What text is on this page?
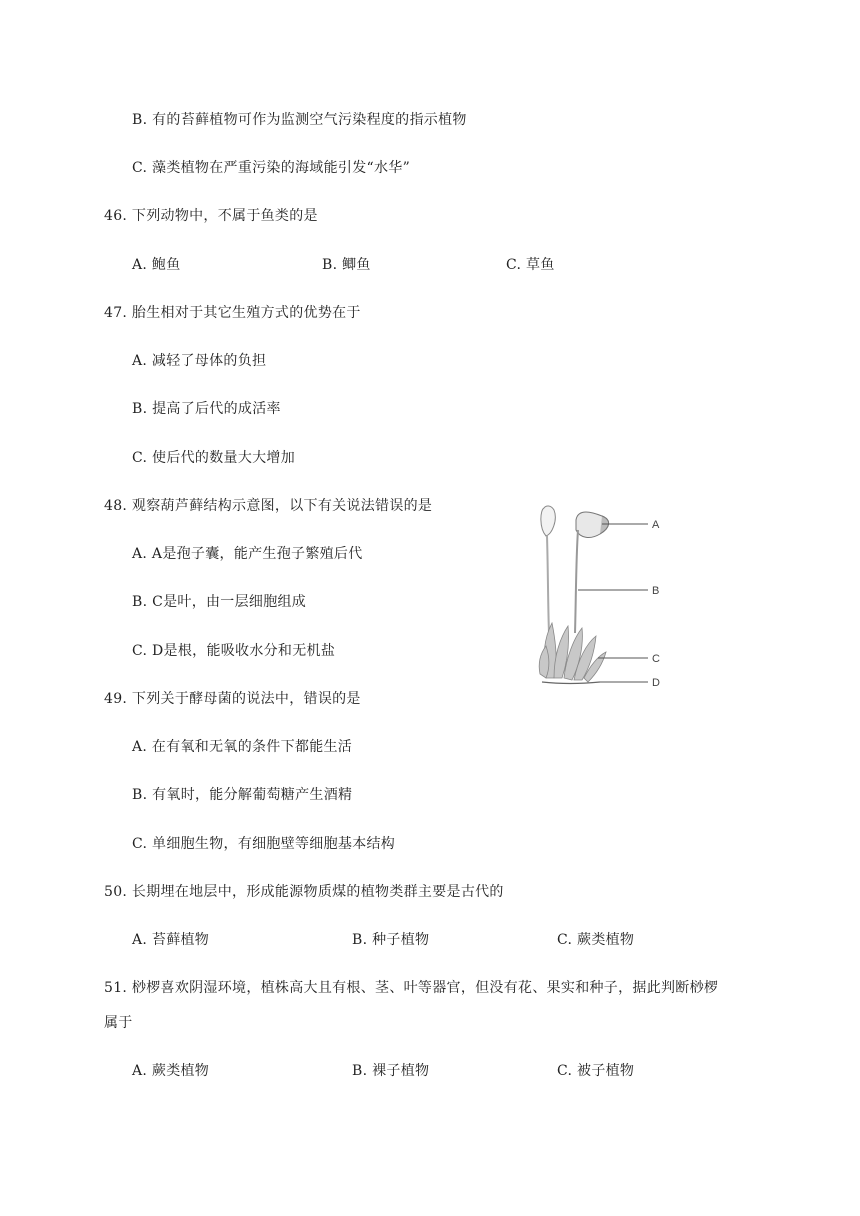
B. 有的苔藓植物可作为监测空气污染程度的指示植物
C. 藻类植物在严重污染的海域能引发“水华”
46. 下列动物中，不属于鱼类的是
A. 鲍鱼	B. 鲫鱼	C. 草鱼
47. 胎生相对于其它生殖方式的优势在于
A. 减轻了母体的负担
B. 提高了后代的成活率
C. 使后代的数量大大增加
48. 观察葫芦藓结构示意图，以下有关说法错误的是
A. A是孢子囊，能产生孢子繁殖后代
B. C是叶，由一层细胞组成
C. D是根，能吸收水分和无机盐
49. 下列关于酵母菌的说法中，错误的是
A. 在有氧和无氧的条件下都能生活
B. 有氧时，能分解葡萄糖产生酒精
C. 单细胞生物，有细胞壁等细胞基本结构
50. 长期埋在地层中，形成能源物质煤的植物类群主要是古代的
A. 苔藓植物	B. 种子植物	C. 蕨类植物
51. 桫椤喜欢阴湿环境，植株高大且有根、茎、叶等器官，但没有花、果实和种子，据此判断桫椤
属于
A. 蕨类植物	B. 裸子植物	C. 被子植物
A
B
C
D
